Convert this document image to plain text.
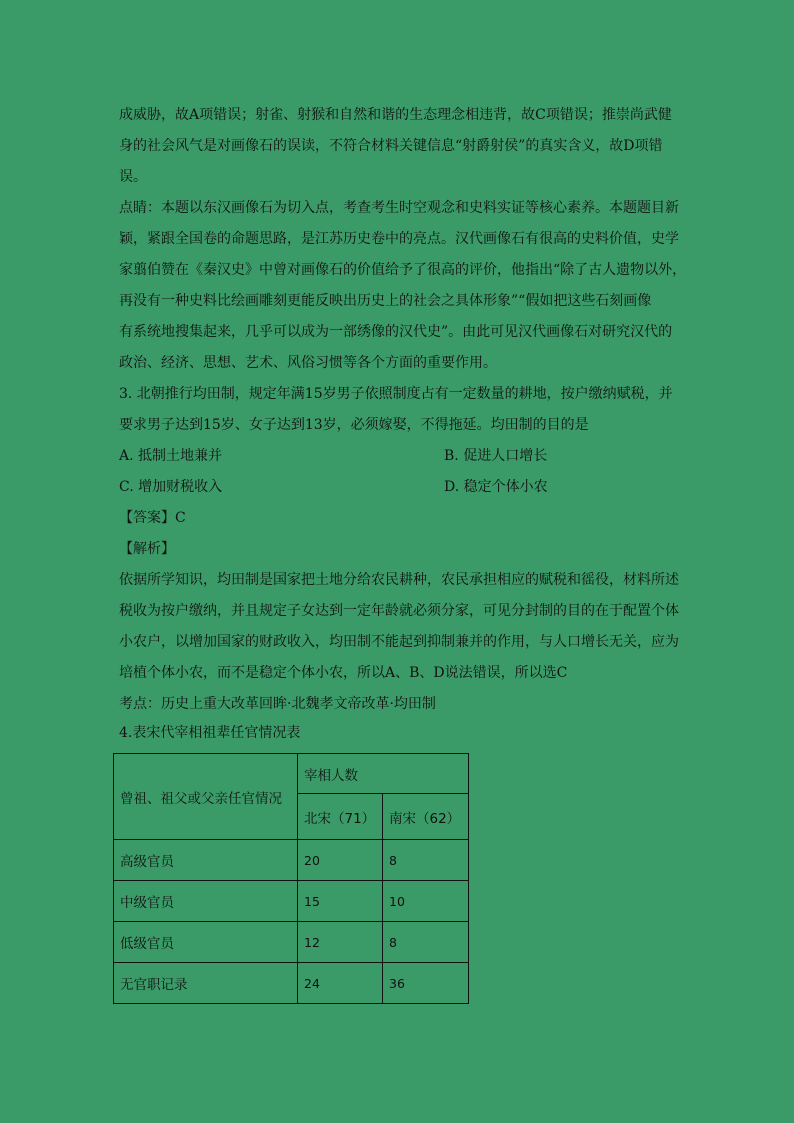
成威胁，故A项错误；射雀、射猴和自然和谐的生态理念相违背，故C项错误；推崇尚武健

身的社会风气是对画像石的误读，不符合材料关键信息“射爵射侯”的真实含义，故D项错

误。

点睛：本题以东汉画像石为切入点，考查考生时空观念和史料实证等核心素养。本题题目新

颖，紧跟全国卷的命题思路，是江苏历史卷中的亮点。汉代画像石有很高的史料价值，史学

家翦伯赞在《秦汉史》中曾对画像石的价值给予了很高的评价，他指出“除了古人遗物以外，

再没有一种史料比绘画雕刻更能反映出历史上的社会之具体形象”“假如把这些石刻画像

有系统地搜集起来，几乎可以成为一部绣像的汉代史”。由此可见汉代画像石对研究汉代的

政治、经济、思想、艺术、风俗习惯等各个方面的重要作用。

3. 北朝推行均田制，规定年满15岁男子依照制度占有一定数量的耕地，按户缴纳赋税，并

要求男子达到15岁、女子达到13岁，必须嫁娶，不得拖延。均田制的目的是

A. 抵制土地兼并	B. 促进人口增长
C. 增加财税收入	D. 稳定个体小农

【答案】C

【解析】

依据所学知识，均田制是国家把土地分给农民耕种，农民承担相应的赋税和徭役，材料所述

税收为按户缴纳，并且规定子女达到一定年龄就必须分家，可见分封制的目的在于配置个体

小农户，以增加国家的财政收入，均田制不能起到抑制兼并的作用，与人口增长无关，应为

培植个体小农，而不是稳定个体小农，所以A、B、D说法错误，所以选C

考点：历史上重大改革回眸·北魏孝文帝改革·均田制

4.表宋代宰相祖辈任官情况表

曾祖、祖父或父亲任官情况	宰相人数	
	北宋（71）	南宋（62）
高级官员	20	8
中级官员	15	10
低级官员	12	8
无官职记录	24	36
